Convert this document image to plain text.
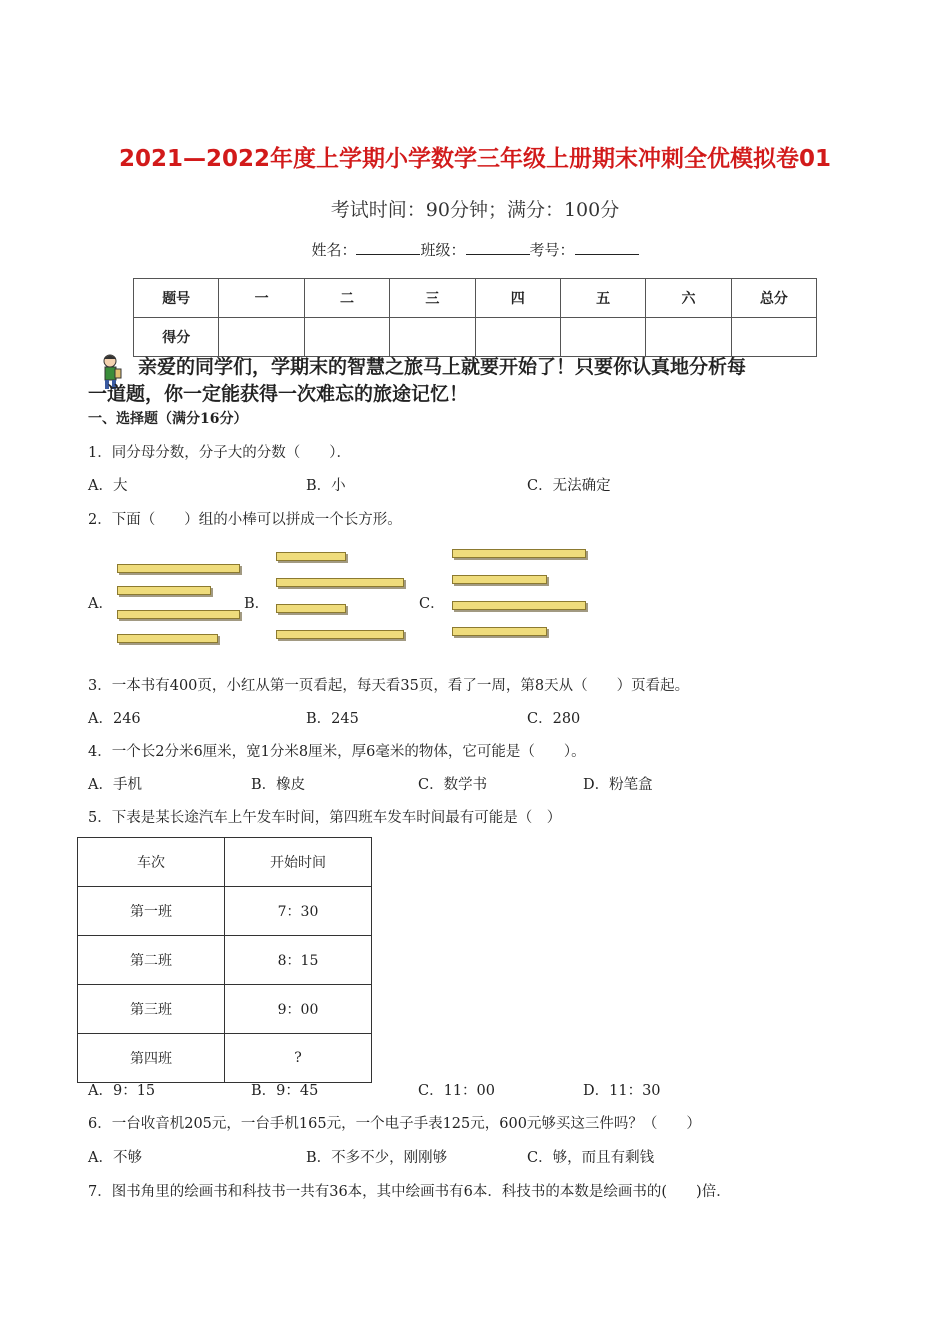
2021—2022年度上学期小学数学三年级上册期末冲刺全优模拟卷01
考试时间：90分钟；满分：100分
姓名：	班级：	考号：
题号	一	二	三	四	五	六	总分
得分							
亲爱的同学们，学期末的智慧之旅马上就要开始了！只要你认真地分析每
一道题，你一定能获得一次难忘的旅途记忆！
一、选择题（满分16分）
1．同分母分数，分子大的分数（　　）．
A．大	B．小	C．无法确定
2．下面（　　）组的小棒可以拼成一个长方形。
A．	B．	C．
3．一本书有400页，小红从第一页看起，每天看35页，看了一周，第8天从（　　）页看起。
A．246	B．245	C．280
4．一个长2分米6厘米，宽1分米8厘米，厚6毫米的物体，它可能是（　　）。
A．手机	B．橡皮	C．数学书	D．粉笔盒
5．下表是某长途汽车上午发车时间，第四班车发车时间最有可能是（　）
车次	开始时间
第一班	7：30
第二班	8：15
第三班	9：00
第四班	?
A．9：15	B．9：45	C．11：00	D．11：30
6．一台收音机205元，一台手机165元，一个电子手表125元，600元够买这三件吗？（　　）
A．不够	B．不多不少，刚刚够	C．够，而且有剩钱
7．图书角里的绘画书和科技书一共有36本，其中绘画书有6本．科技书的本数是绘画书的(　　)倍．
